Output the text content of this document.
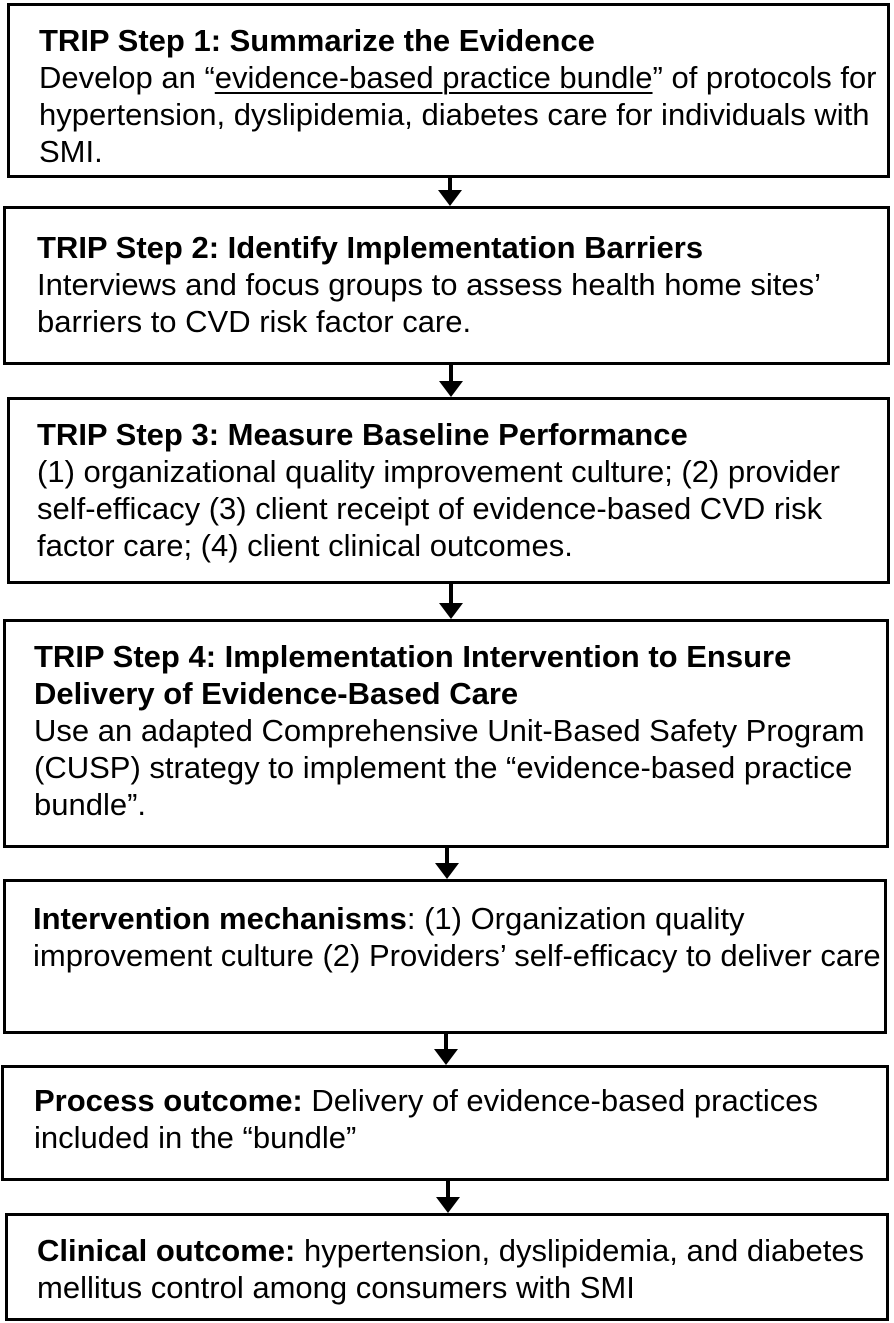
TRIP Step 1: Summarize the Evidence

Develop an “evidence-based practice bundle” of protocols for hypertension, dyslipidemia, diabetes care for individuals with SMI.

TRIP Step 2: Identify Implementation Barriers

Interviews and focus groups to assess health home sites’ barriers to CVD risk factor care.

TRIP Step 3: Measure Baseline Performance

(1) organizational quality improvement culture; (2) provider self-efficacy (3) client receipt of evidence-based CVD risk factor care; (4) client clinical outcomes.

TRIP Step 4: Implementation Intervention to Ensure Delivery of Evidence-Based Care

Use an adapted Comprehensive Unit-Based Safety Program (CUSP) strategy to implement the “evidence-based practice bundle”.

Intervention mechanisms: (1) Organization quality improvement culture (2) Providers’ self-efficacy to deliver care

Process outcome: Delivery of evidence-based practices included in the “bundle”

Clinical outcome: hypertension, dyslipidemia, and diabetes mellitus control among consumers with SMI
